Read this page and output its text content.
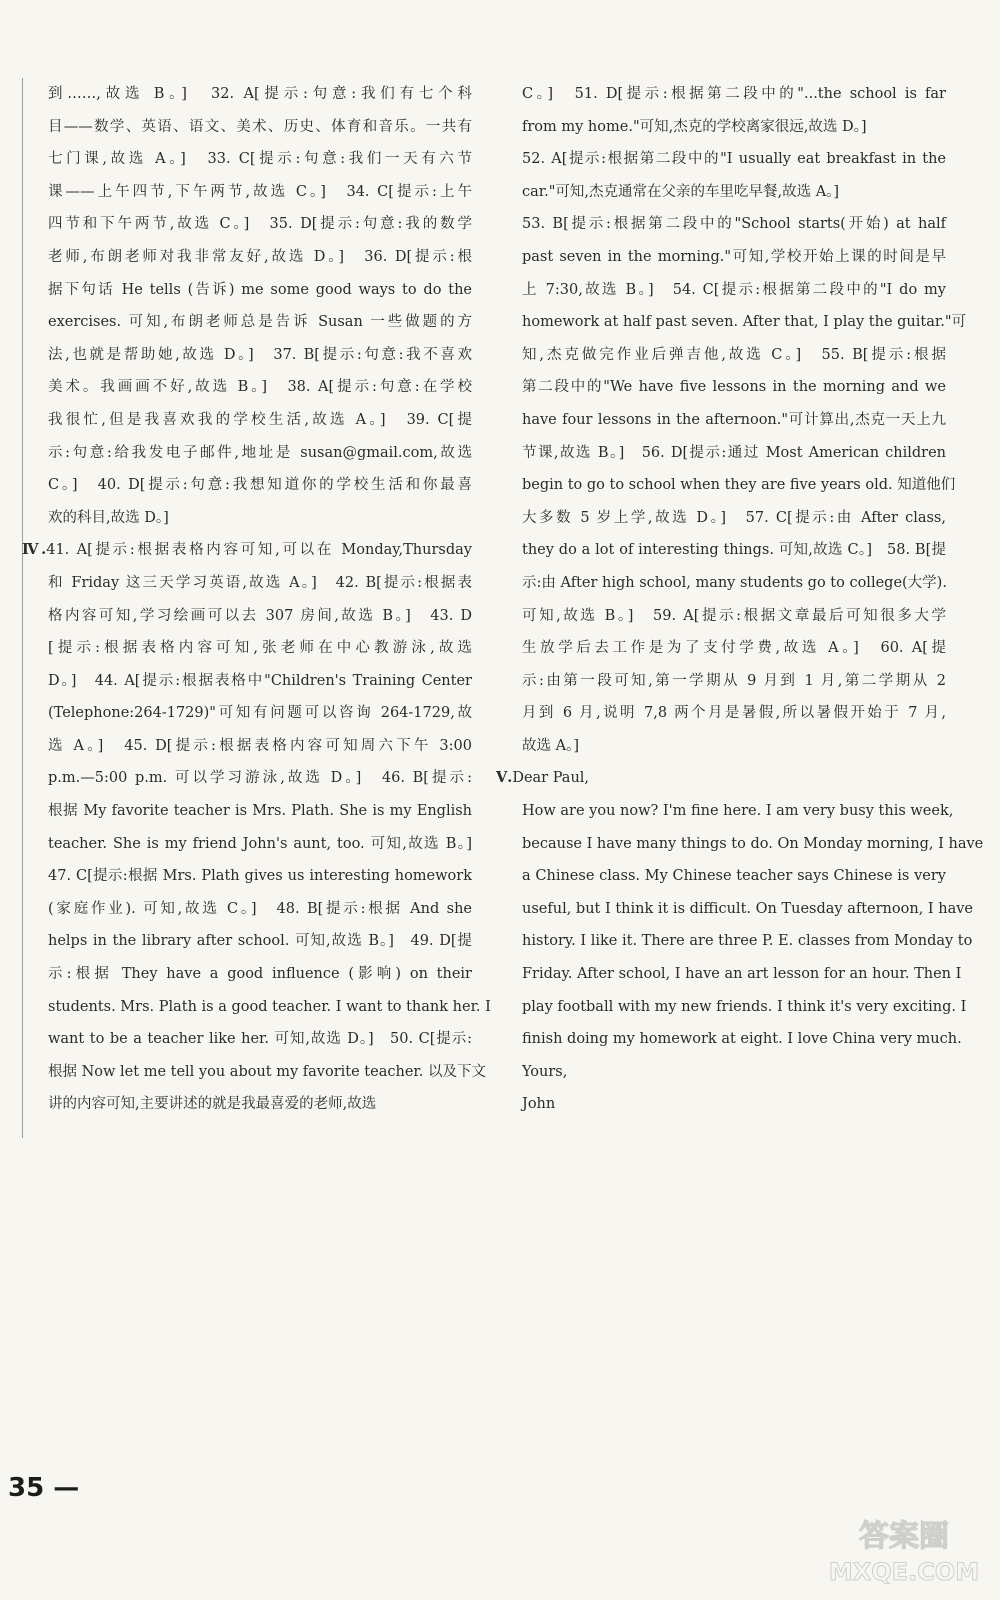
到……,故选 B。]　32. A[提示:句意:我们有七个科
目——数学、英语、语文、美术、历史、体育和音乐。一共有
七门课,故选 A。]　33. C[提示:句意:我们一天有六节
课——上午四节,下午两节,故选 C。]　34. C[提示:上午
四节和下午两节,故选 C。]　35. D[提示:句意:我的数学
老师,布朗老师对我非常友好,故选 D。]　36. D[提示:根
据下句话 He tells (告诉) me some good ways to do the
exercises. 可知,布朗老师总是告诉 Susan 一些做题的方
法,也就是帮助她,故选 D。]　37. B[提示:句意:我不喜欢
美术。我画画不好,故选 B。]　38. A[提示:句意:在学校
我很忙,但是我喜欢我的学校生活,故选 A。]　39. C[提
示:句意:给我发电子邮件,地址是 susan@gmail.com,故选
C。]　40. D[提示:句意:我想知道你的学校生活和你最喜
欢的科目,故选 D。]
Ⅳ.41. A[提示:根据表格内容可知,可以在 Monday,Thursday
和 Friday 这三天学习英语,故选 A。]　42. B[提示:根据表
格内容可知,学习绘画可以去 307 房间,故选 B。]　43. D
[提示:根据表格内容可知,张老师在中心教游泳,故选
D。]　44. A[提示:根据表格中"Children's Training Center
(Telephone:264-1729)"可知有问题可以咨询 264-1729,故
选 A。]　45. D[提示:根据表格内容可知周六下午 3:00
p.m.—5:00 p.m. 可以学习游泳,故选 D。]　46. B[提示:
根据 My favorite teacher is Mrs. Plath. She is my English
teacher. She is my friend John's aunt, too. 可知,故选 B。]
47. C[提示:根据 Mrs. Plath gives us interesting homework
(家庭作业). 可知,故选 C。]　48. B[提示:根据 And she
helps in the library after school. 可知,故选 B。]　49. D[提
示:根据 They have a good influence (影响) on their
students. Mrs. Plath is a good teacher. I want to thank her. I
want to be a teacher like her. 可知,故选 D。]　50. C[提示:
根据 Now let me tell you about my favorite teacher. 以及下文
讲的内容可知,主要讲述的就是我最喜爱的老师,故选
C。]　51. D[提示:根据第二段中的"...the school is far
from my home."可知,杰克的学校离家很远,故选 D。]
52. A[提示:根据第二段中的"I usually eat breakfast in the
car."可知,杰克通常在父亲的车里吃早餐,故选 A。]
53. B[提示:根据第二段中的"School starts(开始) at half
past seven in the morning."可知,学校开始上课的时间是早
上 7:30,故选 B。]　54. C[提示:根据第二段中的"I do my
homework at half past seven. After that, I play the guitar."可
知,杰克做完作业后弹吉他,故选 C。]　55. B[提示:根据
第二段中的"We have five lessons in the morning and we
have four lessons in the afternoon."可计算出,杰克一天上九
节课,故选 B。]　56. D[提示:通过 Most American children
begin to go to school when they are five years old. 知道他们
大多数 5 岁上学,故选 D。]　57. C[提示:由 After class,
they do a lot of interesting things. 可知,故选 C。]　58. B[提
示:由 After high school, many students go to college(大学).
可知,故选 B。]　59. A[提示:根据文章最后可知很多大学
生放学后去工作是为了支付学费,故选 A。]　60. A[提
示:由第一段可知,第一学期从 9 月到 1 月,第二学期从 2
月到 6 月,说明 7,8 两个月是暑假,所以暑假开始于 7 月,
故选 A。]
Ⅴ.Dear Paul,
How are you now? I'm fine here. I am very busy this week,
because I have many things to do. On Monday morning, I have
a Chinese class. My Chinese teacher says Chinese is very
useful, but I think it is difficult. On Tuesday afternoon, I have
history. I like it. There are three P. E. classes from Monday to
Friday. After school, I have an art lesson for an hour. Then I
play football with my new friends. I think it's very exciting. I
finish doing my homework at eight. I love China very much.
Yours,
John
35 —
答案圈
MXQE.COM
